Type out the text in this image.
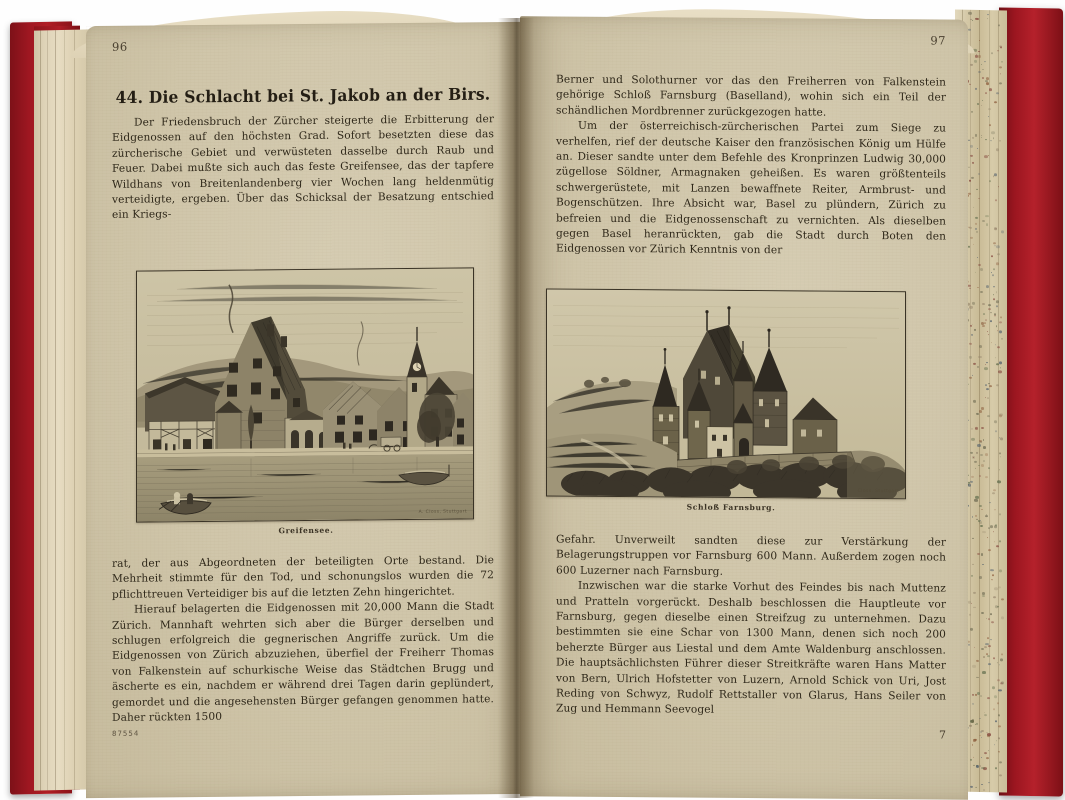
96
44. Die Schlacht bei St. Jakob an der Birs.

Der Friedensbruch der Zürcher steigerte die Erbitterung der Eidgenossen auf den höchsten Grad. Sofort besetzten diese das zürcherische Gebiet und verwüsteten dasselbe durch Raub und Feuer. Dabei mußte sich auch das feste Greifensee, das der tapfere Wildhans von Breitenlandenberg vier Wochen lang heldenmütig verteidigte, ergeben. Über das Schicksal der Besatzung entschied ein Kriegs-

A. Closs, Stuttgart
Greifensee.

rat, der aus Abgeordneten der beteiligten Orte bestand. Die Mehrheit stimmte für den Tod, und schonungslos wurden die 72 pflichttreuen Verteidiger bis auf die letzten Zehn hingerichtet.

Hierauf belagerten die Eidgenossen mit 20,000 Mann die Stadt Zürich. Mannhaft wehrten sich aber die Bürger derselben und schlugen erfolgreich die gegnerischen Angriffe zurück. Um die Eidgenossen von Zürich abzuziehen, überfiel der Freiherr Thomas von Falkenstein auf schurkische Weise das Städtchen Brugg und äscherte es ein, nachdem er während drei Tagen darin geplündert, gemordet und die angesehensten Bürger gefangen genommen hatte. Daher rückten 1500

87554
97

Berner und Solothurner vor das den Freiherren von Falkenstein gehörige Schloß Farnsburg (Baselland), wohin sich ein Teil der schändlichen Mordbrenner zurückgezogen hatte.

Um der österreichisch-zürcherischen Partei zum Siege zu verhelfen, rief der deutsche Kaiser den französischen König um Hülfe an. Dieser sandte unter dem Befehle des Kronprinzen Ludwig 30,000 zügellose Söldner, Armagnaken geheißen. Es waren größtenteils schwergerüstete, mit Lanzen bewaffnete Reiter, Armbrust- und Bogenschützen. Ihre Absicht war, Basel zu plündern, Zürich zu befreien und die Eidgenossenschaft zu vernichten. Als dieselben gegen Basel heranrückten, gab die Stadt durch Boten den Eidgenossen vor Zürich Kenntnis von der

Closs, Stuttgart
Schloß Farnsburg.

Gefahr. Unverweilt sandten diese zur Verstärkung der Belagerungstruppen vor Farnsburg 600 Mann. Außerdem zogen noch 600 Luzerner nach Farnsburg.

Inzwischen war die starke Vorhut des Feindes bis nach Muttenz und Pratteln vorgerückt. Deshalb beschlossen die Hauptleute vor Farnsburg, gegen dieselbe einen Streifzug zu unternehmen. Dazu bestimmten sie eine Schar von 1300 Mann, denen sich noch 200 beherzte Bürger aus Liestal und dem Amte Waldenburg anschlossen. Die hauptsächlichsten Führer dieser Streitkräfte waren Hans Matter von Bern, Ulrich Hofstetter von Luzern, Arnold Schick von Uri, Jost Reding von Schwyz, Rudolf Rettstaller von Glarus, Hans Seiler von Zug und Hemmann Seevogel

7
